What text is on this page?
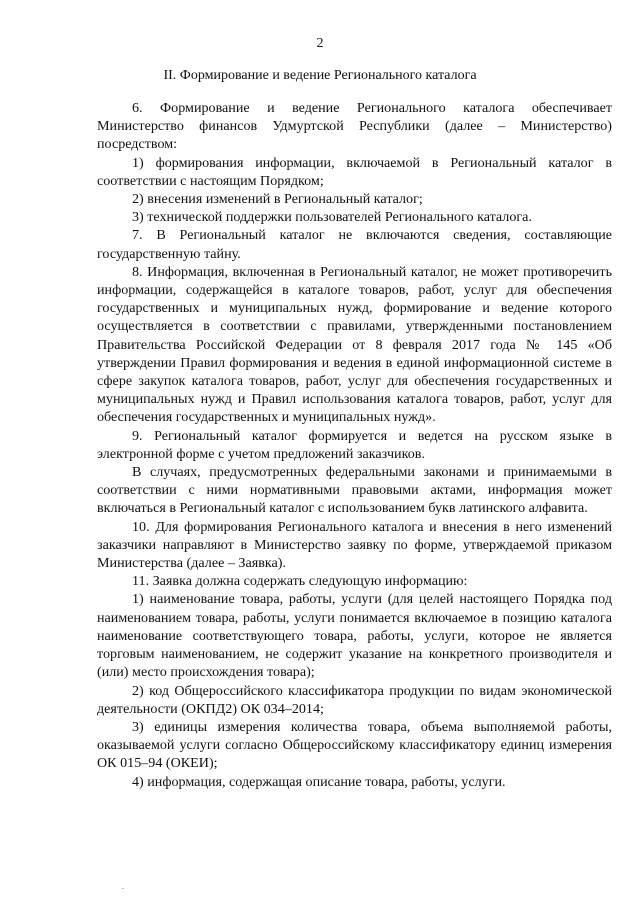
2
II. Формирование и ведение Регионального каталога

6. Формирование и ведение Регионального каталога обеспечивает Министерство финансов Удмуртской Республики (далее – Министерство) посредством:

1) формирования информации, включаемой в Региональный каталог в соответствии с настоящим Порядком;

2) внесения изменений в Региональный каталог;

3) технической поддержки пользователей Регионального каталога.

7. В Региональный каталог не включаются сведения, составляющие государственную тайну.

8. Информация, включенная в Региональный каталог, не может противоречить информации, содержащейся в каталоге товаров, работ, услуг для обеспечения государственных и муниципальных нужд, формирование и ведение которого осуществляется в соответствии с правилами, утвержденными постановлением Правительства Российской Федерации от 8 февраля 2017 года № 145 «Об утверждении Правил формирования и ведения в единой информационной системе в сфере закупок каталога товаров, работ, услуг для обеспечения государственных и муниципальных нужд и Правил использования каталога товаров, работ, услуг для обеспечения государственных и муниципальных нужд».

9. Региональный каталог формируется и ведется на русском языке в электронной форме с учетом предложений заказчиков.

В случаях, предусмотренных федеральными законами и принимаемыми в соответствии с ними нормативными правовыми актами, информация может включаться в Региональный каталог с использованием букв латинского алфавита.

10. Для формирования Регионального каталога и внесения в него изменений заказчики направляют в Министерство заявку по форме, утверждаемой приказом Министерства (далее – Заявка).

11. Заявка должна содержать следующую информацию:

1) наименование товара, работы, услуги (для целей настоящего Порядка под наименованием товара, работы, услуги понимается включаемое в позицию каталога наименование соответствующего товара, работы, услуги, которое не является торговым наименованием, не содержит указание на конкретного производителя и (или) место происхождения товара);

2) код Общероссийского классификатора продукции по видам экономической деятельности (ОКПД2) ОК 034–2014;

3) единицы измерения количества товара, объема выполняемой работы, оказываемой услуги согласно Общероссийскому классификатору единиц измерения ОК 015–94 (ОКЕИ);

4) информация, содержащая описание товара, работы, услуги.
